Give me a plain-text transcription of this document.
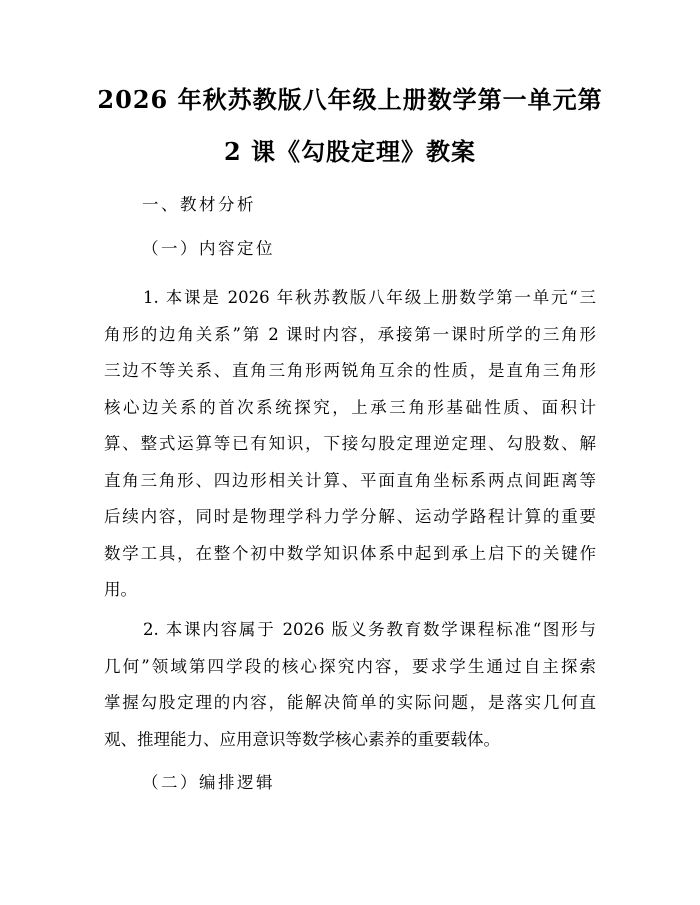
2026 年秋苏教版八年级上册数学第一单元第
2 课《勾股定理》教案
一、教材分析
（一）内容定位
1. 本课是 2026 年秋苏教版八年级上册数学第一单元“三
角形的边角关系”第 2 课时内容，承接第一课时所学的三角形
三边不等关系、直角三角形两锐角互余的性质，是直角三角形
核心边关系的首次系统探究，上承三角形基础性质、面积计
算、整式运算等已有知识，下接勾股定理逆定理、勾股数、解
直角三角形、四边形相关计算、平面直角坐标系两点间距离等
后续内容，同时是物理学科力学分解、运动学路程计算的重要
数学工具，在整个初中数学知识体系中起到承上启下的关键作
用。
2. 本课内容属于 2026 版义务教育数学课程标准“图形与
几何”领域第四学段的核心探究内容，要求学生通过自主探索
掌握勾股定理的内容，能解决简单的实际问题，是落实几何直
观、推理能力、应用意识等数学核心素养的重要载体。
（二）编排逻辑
